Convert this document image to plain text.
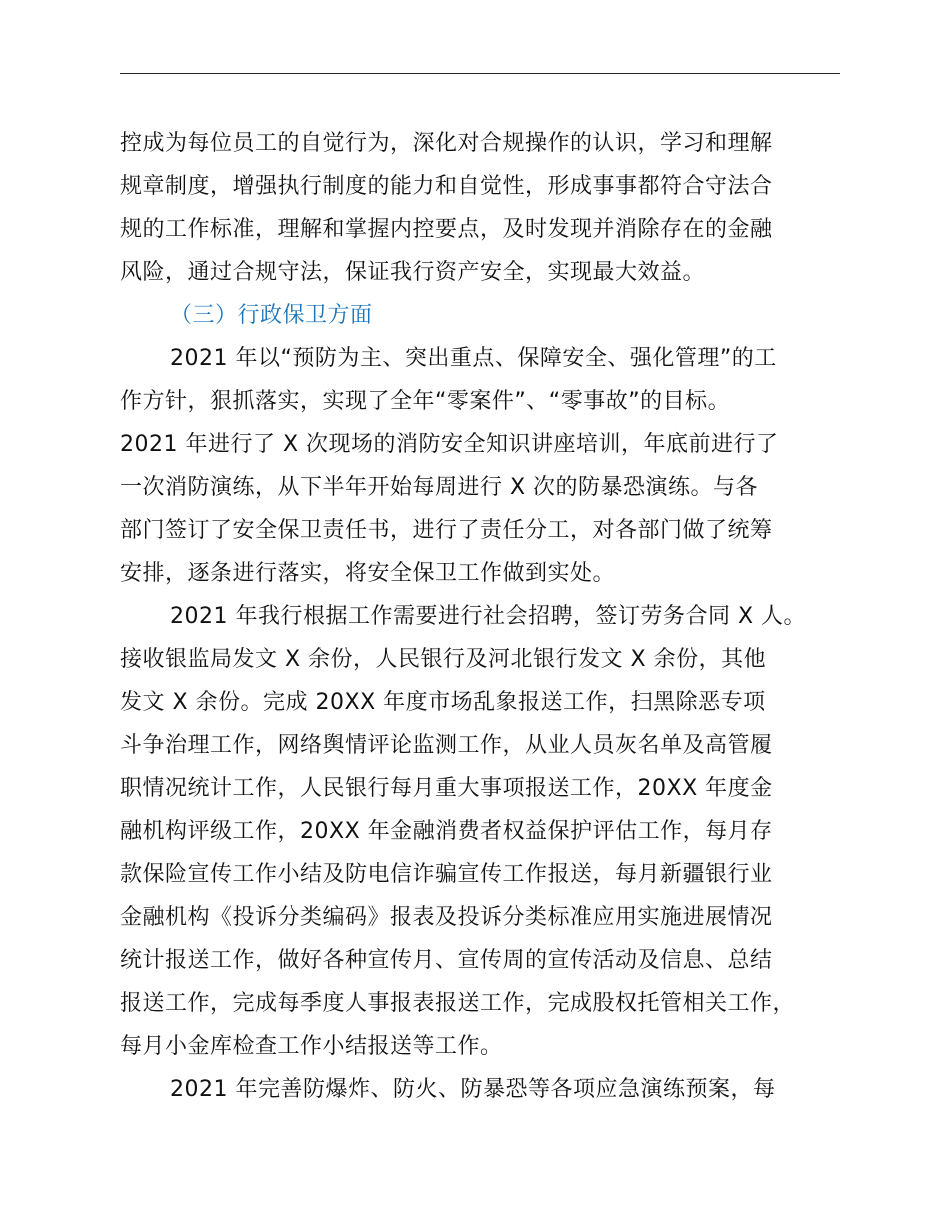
控成为每位员工的自觉行为，深化对合规操作的认识，学习和理解
规章制度，增强执行制度的能力和自觉性，形成事事都符合守法合
规的工作标准，理解和掌握内控要点，及时发现并消除存在的金融
风险，通过合规守法，保证我行资产安全，实现最大效益。
（三）行政保卫方面
2021 年以“预防为主、突出重点、保障安全、强化管理”的工
作方针，狠抓落实，实现了全年“零案件”、“零事故”的目标。
2021 年进行了 X 次现场的消防安全知识讲座培训，年底前进行了
一次消防演练，从下半年开始每周进行 X 次的防暴恐演练。与各
部门签订了安全保卫责任书，进行了责任分工，对各部门做了统筹
安排，逐条进行落实，将安全保卫工作做到实处。
2021 年我行根据工作需要进行社会招聘，签订劳务合同 X 人。
接收银监局发文 X 余份，人民银行及河北银行发文 X 余份，其他
发文 X 余份。完成 20XX 年度市场乱象报送工作，扫黑除恶专项
斗争治理工作，网络舆情评论监测工作，从业人员灰名单及高管履
职情况统计工作，人民银行每月重大事项报送工作，20XX 年度金
融机构评级工作，20XX 年金融消费者权益保护评估工作，每月存
款保险宣传工作小结及防电信诈骗宣传工作报送，每月新疆银行业
金融机构《投诉分类编码》报表及投诉分类标准应用实施进展情况
统计报送工作，做好各种宣传月、宣传周的宣传活动及信息、总结
报送工作，完成每季度人事报表报送工作，完成股权托管相关工作，
每月小金库检查工作小结报送等工作。
2021 年完善防爆炸、防火、防暴恐等各项应急演练预案，每
